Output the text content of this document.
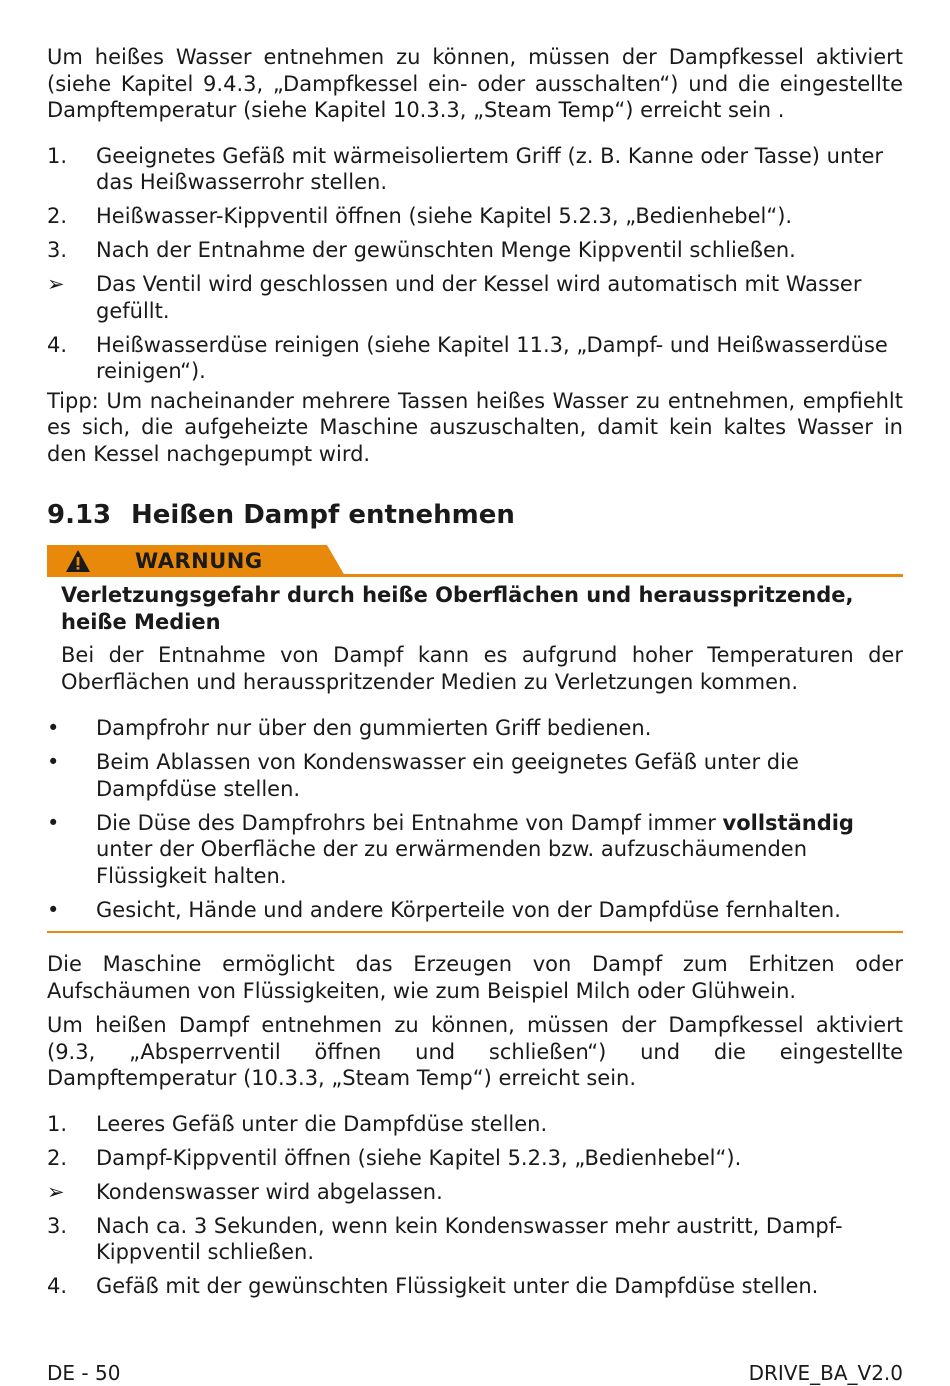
Um heißes Wasser entnehmen zu können, müssen der Dampfkessel aktiviert (siehe Kapitel 9.4.3, „Dampfkessel ein- oder ausschalten“) und die eingestellte Dampftemperatur (siehe Kapitel 10.3.3, „Steam Temp“) erreicht sein .

1.	Geeignetes Gefäß mit wärmeisoliertem Griff (z. B. Kanne oder Tasse) unter das Heißwasserrohr stellen.
2.	Heißwasser-Kippventil öffnen (siehe Kapitel 5.2.3, „Bedienhebel“).
3.	Nach der Entnahme der gewünschten Menge Kippventil schließen.
➢	Das Ventil wird geschlossen und der Kessel wird automatisch mit Wasser gefüllt.
4.	Heißwasserdüse reinigen (siehe Kapitel 11.3, „Dampf- und Heißwasserdüse reinigen“).

Tipp: Um nacheinander mehrere Tassen heißes Wasser zu entnehmen, empfiehlt es sich, die aufgeheizte Maschine auszuschalten, damit kein kaltes Wasser in den Kessel nachgepumpt wird.

9.13 Heißen Dampf entnehmen
WARNUNG

Verletzungsgefahr durch heiße Oberflächen und herausspritzende, heiße Medien

Bei der Entnahme von Dampf kann es aufgrund hoher Temperaturen der Oberflächen und herausspritzender Medien zu Verletzungen kommen.

•	Dampfrohr nur über den gummierten Griff bedienen.
•	Beim Ablassen von Kondenswasser ein geeignetes Gefäß unter die Dampfdüse stellen.
•	Die Düse des Dampfrohrs bei Entnahme von Dampf immer vollständig unter der Oberfläche der zu erwärmenden bzw. aufzuschäumenden Flüssigkeit halten.
•	Gesicht, Hände und andere Körperteile von der Dampfdüse fernhalten.

Die Maschine ermöglicht das Erzeugen von Dampf zum Erhitzen oder Aufschäumen von Flüssigkeiten, wie zum Beispiel Milch oder Glühwein.

Um heißen Dampf entnehmen zu können, müssen der Dampfkessel aktiviert (9.3, „Absperrventil öffnen und schließen“) und die eingestellte Dampftemperatur (10.3.3, „Steam Temp“) erreicht sein.

1.	Leeres Gefäß unter die Dampfdüse stellen.
2.	Dampf-Kippventil öffnen (siehe Kapitel 5.2.3, „Bedienhebel“).
➢	Kondenswasser wird abgelassen.
3.	Nach ca. 3 Sekunden, wenn kein Kondenswasser mehr austritt, Dampf-Kippventil schließen.
4.	Gefäß mit der gewünschten Flüssigkeit unter die Dampfdüse stellen.
DE - 50	DRIVE_BA_V2.0
